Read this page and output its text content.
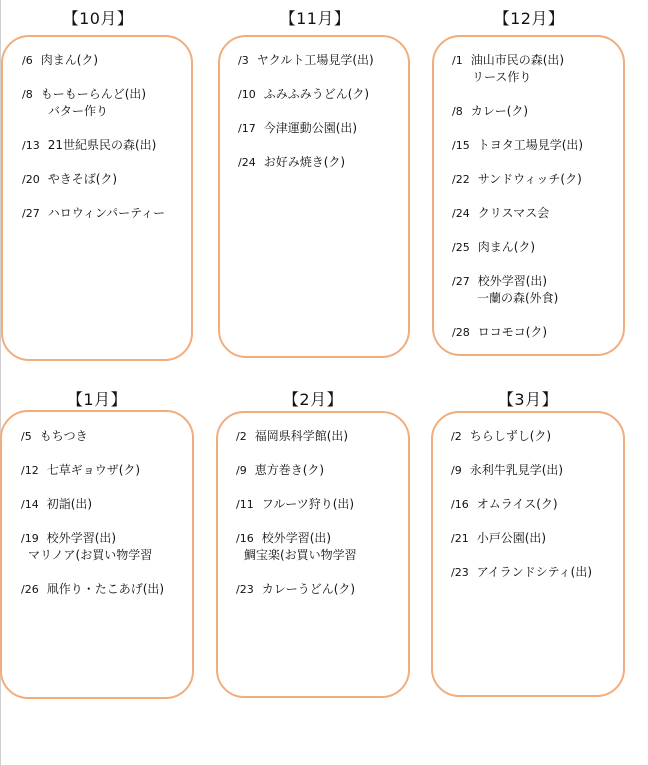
【10月】
/6 肉まん(ク)
/8 もーもーらんど(出)
バター作り
/13 21世紀県民の森(出)
/20 やきそば(ク)
/27 ハロウィンパーティー
【11月】
/3 ヤクルト工場見学(出)
/10 ふみふみうどん(ク)
/17 今津運動公園(出)
/24 お好み焼き(ク)
【12月】
/1 油山市民の森(出)
リース作り
/8 カレー(ク)
/15 トヨタ工場見学(出)
/22 サンドウィッチ(ク)
/24 クリスマス会
/25 肉まん(ク)
/27 校外学習(出)
一蘭の森(外食)
/28 ロコモコ(ク)
【1月】
/5 もちつき
/12 七草ギョウザ(ク)
/14 初詣(出)
/19 校外学習(出)
マリノア(お買い物学習
/26 凧作り・たこあげ(出)
【2月】
/2 福岡県科学館(出)
/9 恵方巻き(ク)
/11 フルーツ狩り(出)
/16 校外学習(出)
鯛宝楽(お買い物学習
/23 カレーうどん(ク)
【3月】
/2 ちらしずし(ク)
/9 永利牛乳見学(出)
/16 オムライス(ク)
/21 小戸公園(出)
/23 アイランドシティ(出)
